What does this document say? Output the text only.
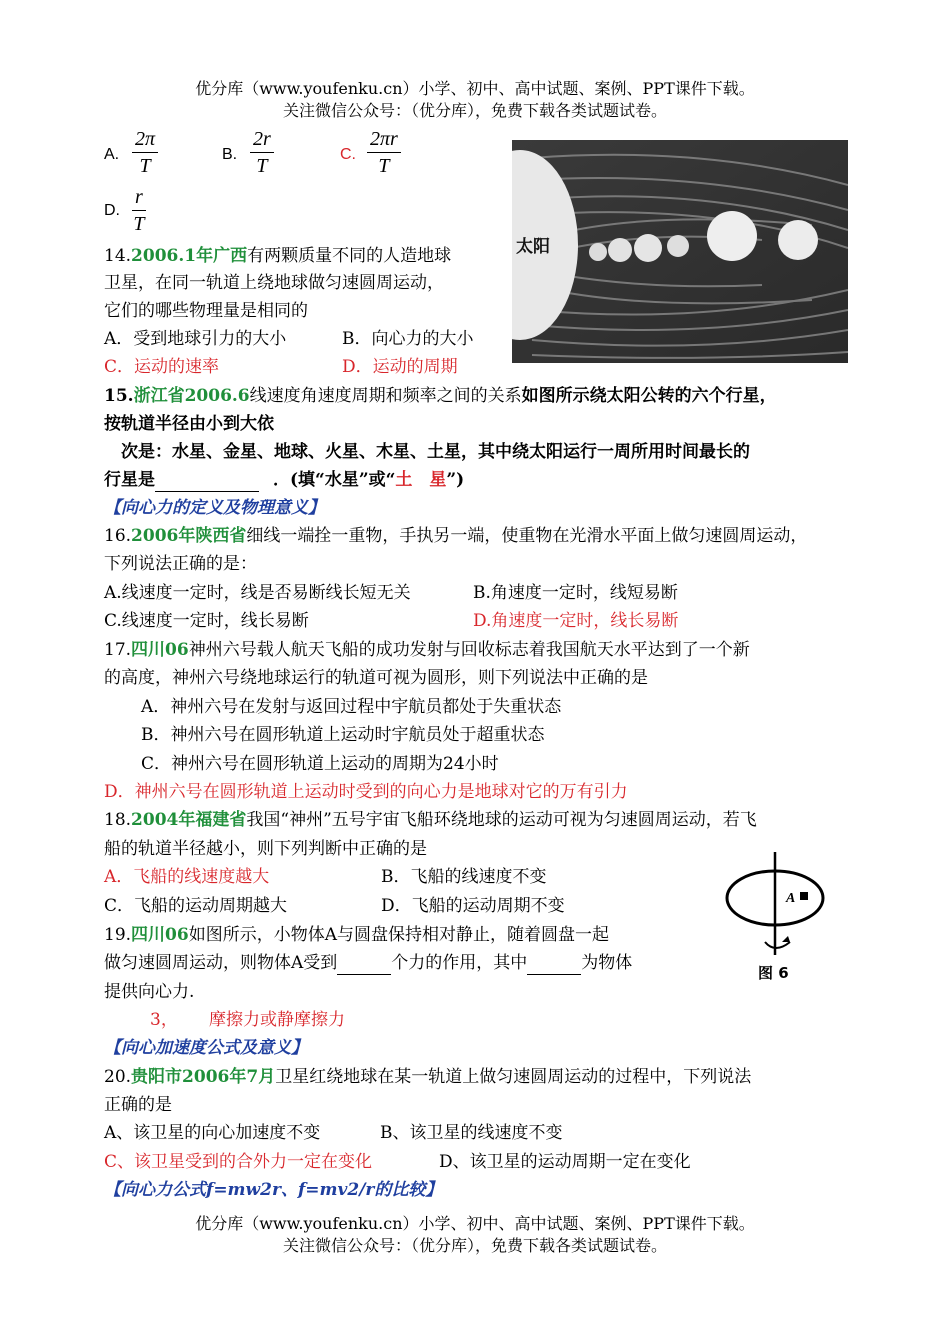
优分库（www.youfenku.cn）小学、初中、高中试题、案例、PPT课件下载。
关注微信公众号：（优分库），免费下载各类试题试卷。
A.
2π
T
B.
2r
T
C.
2πr
T
D.
r
T
太阳
14.2006.1年广西有两颗质量不同的人造地球
卫星，在同一轨道上绕地球做匀速圆周运动，
它们的哪些物理量是相同的
A．受到地球引力的大小	B．向心力的大小
C．运动的速率	D．运动的周期
15.浙江省2006.6线速度角速度周期和频率之间的关系如图所示绕太阳公转的六个行星，
按轨道半径由小到大依
次是：水星、金星、地球、火星、木星、土星，其中绕太阳运行一周所用时间最长的
行星是	．(填“水星”或“土　星”)
【向心力的定义及物理意义】
16.2006年陕西省细线一端拴一重物，手执另一端，使重物在光滑水平面上做匀速圆周运动，
下列说法正确的是：
A.线速度一定时，线是否易断线长短无关	B.角速度一定时，线短易断
C.线速度一定时，线长易断	D.角速度一定时，线长易断
17.四川06神州六号载人航天飞船的成功发射与回收标志着我国航天水平达到了一个新
的高度，神州六号绕地球运行的轨道可视为圆形，则下列说法中正确的是
A．神州六号在发射与返回过程中宇航员都处于失重状态
B．神州六号在圆形轨道上运动时宇航员处于超重状态
C．神州六号在圆形轨道上运动的周期为24小时
D．神州六号在圆形轨道上运动时受到的向心力是地球对它的万有引力
18.2004年福建省我国“神州”五号宇宙飞船环绕地球的运动可视为匀速圆周运动，若飞
船的轨道半径越小，则下列判断中正确的是
A．飞船的线速度越大	B．飞船的线速度不变
C．飞船的运动周期越大	D．飞船的运动周期不变	A
图 6
19.四川06如图所示，小物体A与圆盘保持相对静止，随着圆盘一起
做匀速圆周运动，则物体A受到	个力的作用，其中	为物体
提供向心力.
3， 摩擦力或静摩擦力
【向心加速度公式及意义】
20.贵阳市2006年7月卫星红绕地球在某一轨道上做匀速圆周运动的过程中，下列说法
正确的是
A、该卫星的向心加速度不变	B、该卫星的线速度不变
C、该卫星受到的合外力一定在变化	D、该卫星的运动周期一定在变化
【向心力公式f=mw2r、f=mv2/r的比较】
优分库（www.youfenku.cn）小学、初中、高中试题、案例、PPT课件下载。
关注微信公众号：（优分库），免费下载各类试题试卷。
